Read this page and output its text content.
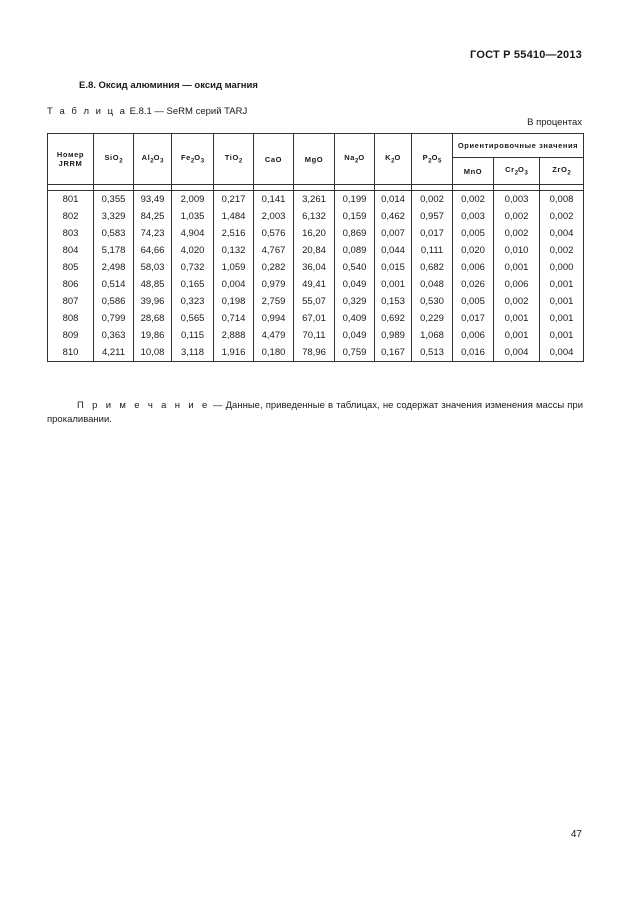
ГОСТ Р 55410—2013
Е.8. Оксид алюминия — оксид магния
Т а б л и ц а Е.8.1 — SeRM серий TARJ
В процентах
Номер JRRM	SiO$_2$	$Al_2O_3$	$Fe_2O_3$	TiO$_2$	CaO	MgO	$Na_2O$	$K_2O$	$P_2O_5$	Ориентировочные значения		
										MnO	$Cr_2O_3$	ZrO$_2$

801	0,355	93,49	2,009	0,217	0,141	3,261	0,199	0,014	0,002	0,002	0,003	0,008
802	3,329	84,25	1,035	1,484	2,003	6,132	0,159	0,462	0,957	0,003	0,002	0,002
803	0,583	74,23	4,904	2,516	0,576	16,20	0,869	0,007	0,017	0,005	0,002	0,004
804	5,178	64,66	4,020	0,132	4,767	20,84	0,089	0,044	0,111	0,020	0,010	0,002
805	2,498	58,03	0,732	1,059	0,282	36,04	0,540	0,015	0,682	0,006	0,001	0,000
806	0,514	48,85	0,165	0,004	0,979	49,41	0,049	0,001	0,048	0,026	0,006	0,001
807	0,586	39,96	0,323	0,198	2,759	55,07	0,329	0,153	0,530	0,005	0,002	0,001
808	0,799	28,68	0,565	0,714	0,994	67,01	0,409	0,692	0,229	0,017	0,001	0,001
809	0,363	19,86	0,115	2,888	4,479	70,11	0,049	0,989	1,068	0,006	0,001	0,001
810	4,211	10,08	3,118	1,916	0,180	78,96	0,759	0,167	0,513	0,016	0,004	0,004
П р и м е ч а н и е — Данные, приведенные в таблицах, не содержат значения изменения массы при прокаливании.
47
